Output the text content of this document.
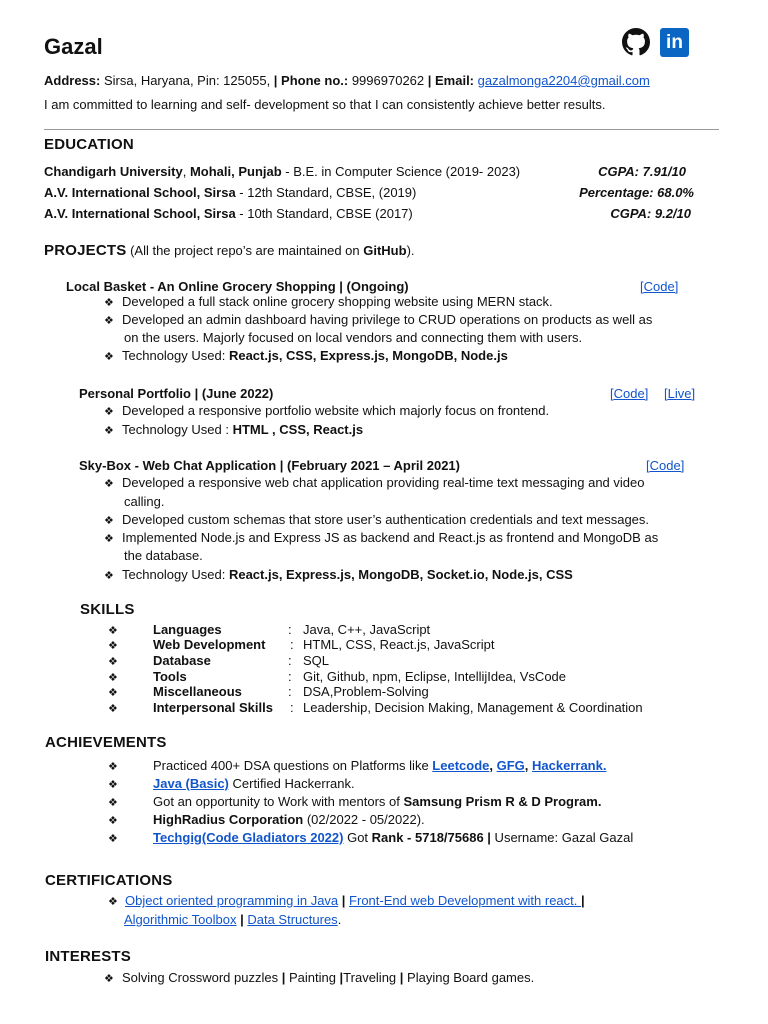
Gazal	in
Address: Sirsa, Haryana, Pin: 125055, | Phone no.: 9996970262 | Email: gazalmonga2204@gmail.com
I am committed to learning and self- development so that I can consistently achieve better results.
EDUCATION
Chandigarh University, Mohali, Punjab - B.E. in Computer Science (2019- 2023)	CGPA: 7.91/10
A.V. International School, Sirsa - 12th Standard, CBSE, (2019)	Percentage: 68.0%
A.V. International School, Sirsa - 10th Standard, CBSE (2017)	CGPA: 9.2/10
PROJECTS (All the project repo’s are maintained on GitHub).
Local Basket - An Online Grocery Shopping | (Ongoing)	[Code]
❖ Developed a full stack online grocery shopping website using MERN stack.
❖ Developed an admin dashboard having privilege to CRUD operations on products as well as
on the users. Majorly focused on local vendors and connecting them with users.
❖ Technology Used: React.js, CSS, Express.js, MongoDB, Node.js
Personal Portfolio | (June 2022)	[Code] [Live]
❖ Developed a responsive portfolio website which majorly focus on frontend.
❖ Technology Used : HTML , CSS, React.js
Sky-Box - Web Chat Application | (February 2021 – April 2021)	[Code]
❖ Developed a responsive web chat application providing real-time text messaging and video
calling.
❖ Developed custom schemas that store user’s authentication credentials and text messages.
❖ Implemented Node.js and Express JS as backend and React.js as frontend and MongoDB as
the database.
❖ Technology Used: React.js, Express.js, MongoDB, Socket.io, Node.js, CSS
SKILLS
❖	Languages	: Java, C++, JavaScript
❖	Web Development : HTML, CSS, React.js, JavaScript
❖	Database	: SQL
❖	Tools	: Git, Github, npm, Eclipse, IntellijIdea, VsCode
❖	Miscellaneous	: DSA,Problem-Solving
❖	Interpersonal Skills : Leadership, Decision Making, Management & Coordination
ACHIEVEMENTS
❖	Practiced 400+ DSA questions on Platforms like Leetcode, GFG, Hackerrank.
❖	Java (Basic) Certified Hackerrank.
❖	Got an opportunity to Work with mentors of Samsung Prism R & D Program.
❖	HighRadius Corporation (02/2022 - 05/2022).
❖	Techgig(Code Gladiators 2022) Got Rank - 5718/75686 | Username: Gazal Gazal
CERTIFICATIONS
❖ Object oriented programming in Java | Front-End web Development with react. |
Algorithmic Toolbox | Data Structures.
INTERESTS
❖ Solving Crossword puzzles | Painting |Traveling | Playing Board games.
